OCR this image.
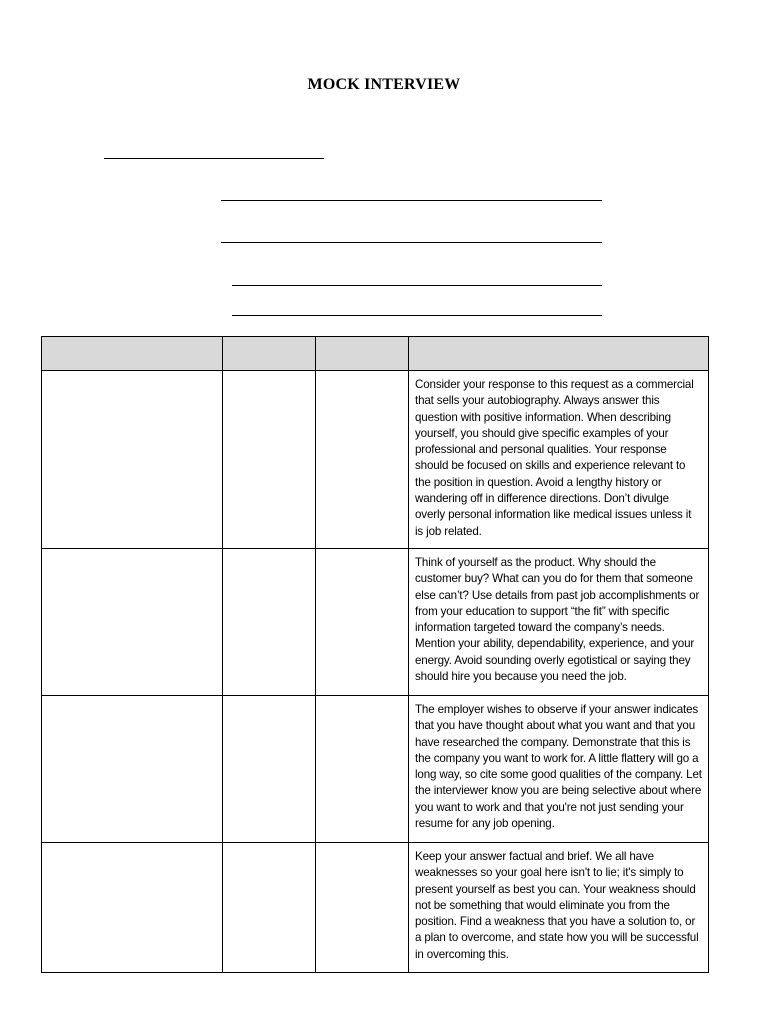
MOCK INTERVIEW

			Consider your response to this request as a commercial that sells your autobiography. Always answer this question with positive information. When describing yourself, you should give specific examples of your professional and personal qualities. Your response should be focused on skills and experience relevant to the position in question. Avoid a lengthy history or wandering off in difference directions. Don’t divulge overly personal information like medical issues unless it is job related.
			Think of yourself as the product. Why should the customer buy? What can you do for them that someone else can’t? Use details from past job accomplishments or from your education to support “the fit” with specific information targeted toward the company’s needs. Mention your ability, dependability, experience, and your energy. Avoid sounding overly egotistical or saying they should hire you because you need the job.
			The employer wishes to observe if your answer indicates that you have thought about what you want and that you have researched the company. Demonstrate that this is the company you want to work for. A little flattery will go a long way, so cite some good qualities of the company. Let the interviewer know you are being selective about where you want to work and that you're not just sending your resume for any job opening.
			Keep your answer factual and brief. We all have weaknesses so your goal here isn't to lie; it's simply to present yourself as best you can. Your weakness should not be something that would eliminate you from the position. Find a weakness that you have a solution to, or a plan to overcome, and state how you will be successful in overcoming this.
